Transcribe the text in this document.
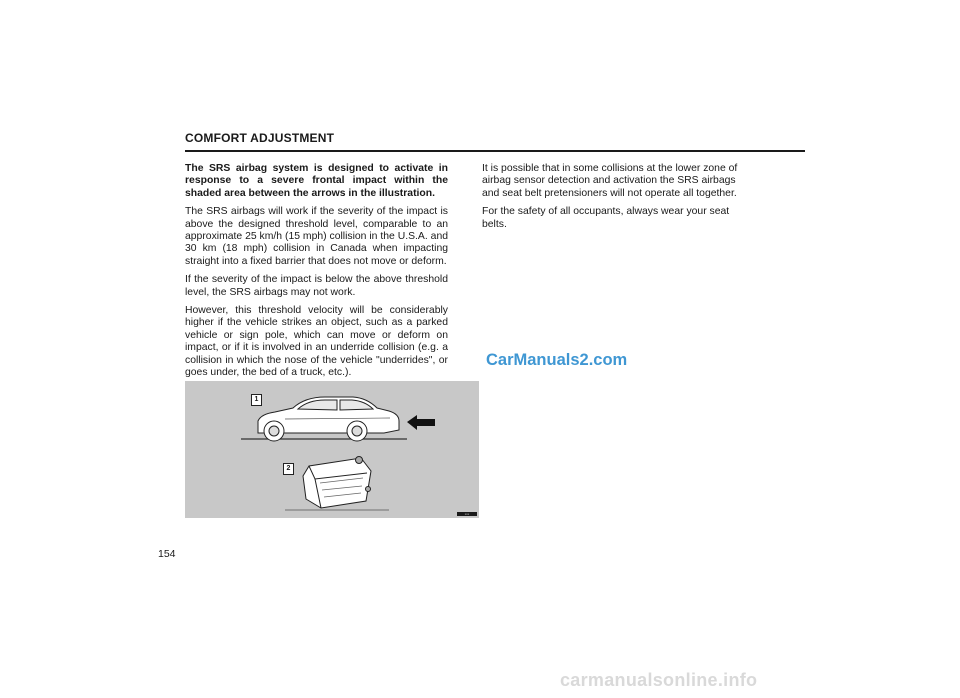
COMFORT ADJUSTMENT

The SRS airbag system is designed to activate in response to a severe frontal impact within the shaded area between the arrows in the illustration.

The SRS airbags will work if the severity of the impact is above the designed threshold level, comparable to an approximate 25 km/h (15 mph) collision in the U.S.A. and 30 km (18 mph) collision in Canada when impacting straight into a fixed barrier that does not move or deform.

If the severity of the impact is below the above threshold level, the SRS airbags may not work.

However, this threshold velocity will be considerably higher if the vehicle strikes an object, such as a parked vehicle or sign pole, which can move or deform on impact, or if it is involved in an underride collision (e.g. a collision in which the nose of the vehicle "underrides", or goes under, the bed of a truck, etc.).

It is possible that in some collisions at the lower zone of airbag sensor detection and activation the SRS airbags and seat belt pretensioners will not operate all together.

For the safety of all occupants, always wear your seat belts.

1
2
xxx

CarManuals2.com

154

carmanualsonline.info
